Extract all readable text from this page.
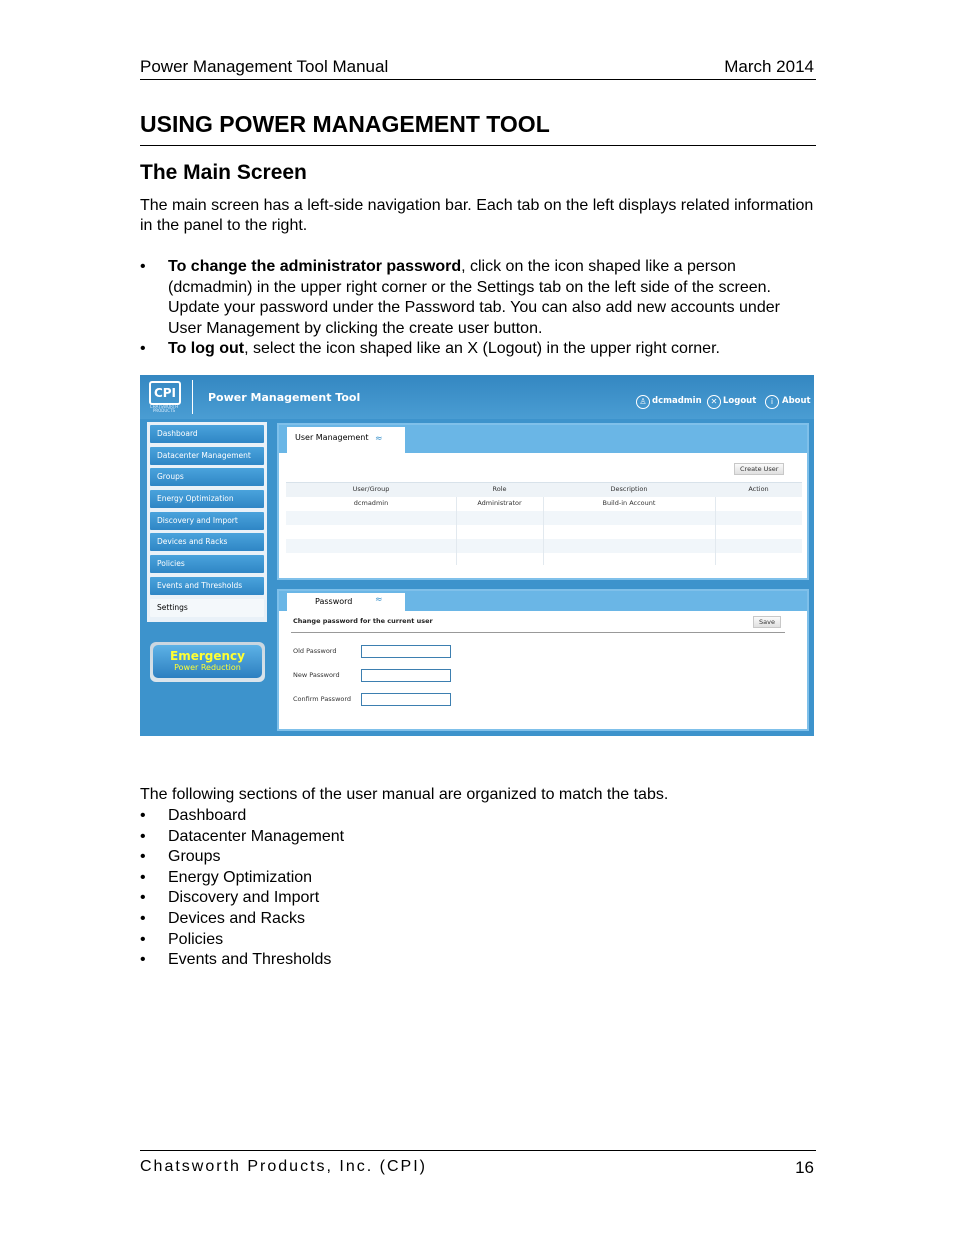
Power Management Tool Manual	March 2014
USING POWER MANAGEMENT TOOL
The Main Screen
The main screen has a left-side navigation bar. Each tab on the left displays related information in the panel to the right.
• To change the administrator password, click on the icon shaped like a person (dcmadmin) in the upper right corner or the Settings tab on the left side of the screen. Update your password under the Password tab. You can also add new accounts under User Management by clicking the create user button.
• To log out, select the icon shaped like an X (Logout) in the upper right corner.
CPI
CHATSWORTH PRODUCTS
Power Management Tool	♙ dcmadmin	✕ Logout	i	About
Dashboard
Datacenter Management
Groups
Energy Optimization
Discovery and Import
Devices and Racks
Policies
Events and Thresholds
Settings
Emergency
Power Reduction
User Management ≈
Create User
User/Group	Role	Description	Action
dcmadmin	Administrator	Build-in Account
Password	≈
Change password for the current user	Save
Old Password
New Password
Confirm Password
The following sections of the user manual are organized to match the tabs.
• Dashboard
• Datacenter Management
• Groups
• Energy Optimization
• Discovery and Import
• Devices and Racks
• Policies
• Events and Thresholds
Chatsworth Products, Inc. (CPI)	16
